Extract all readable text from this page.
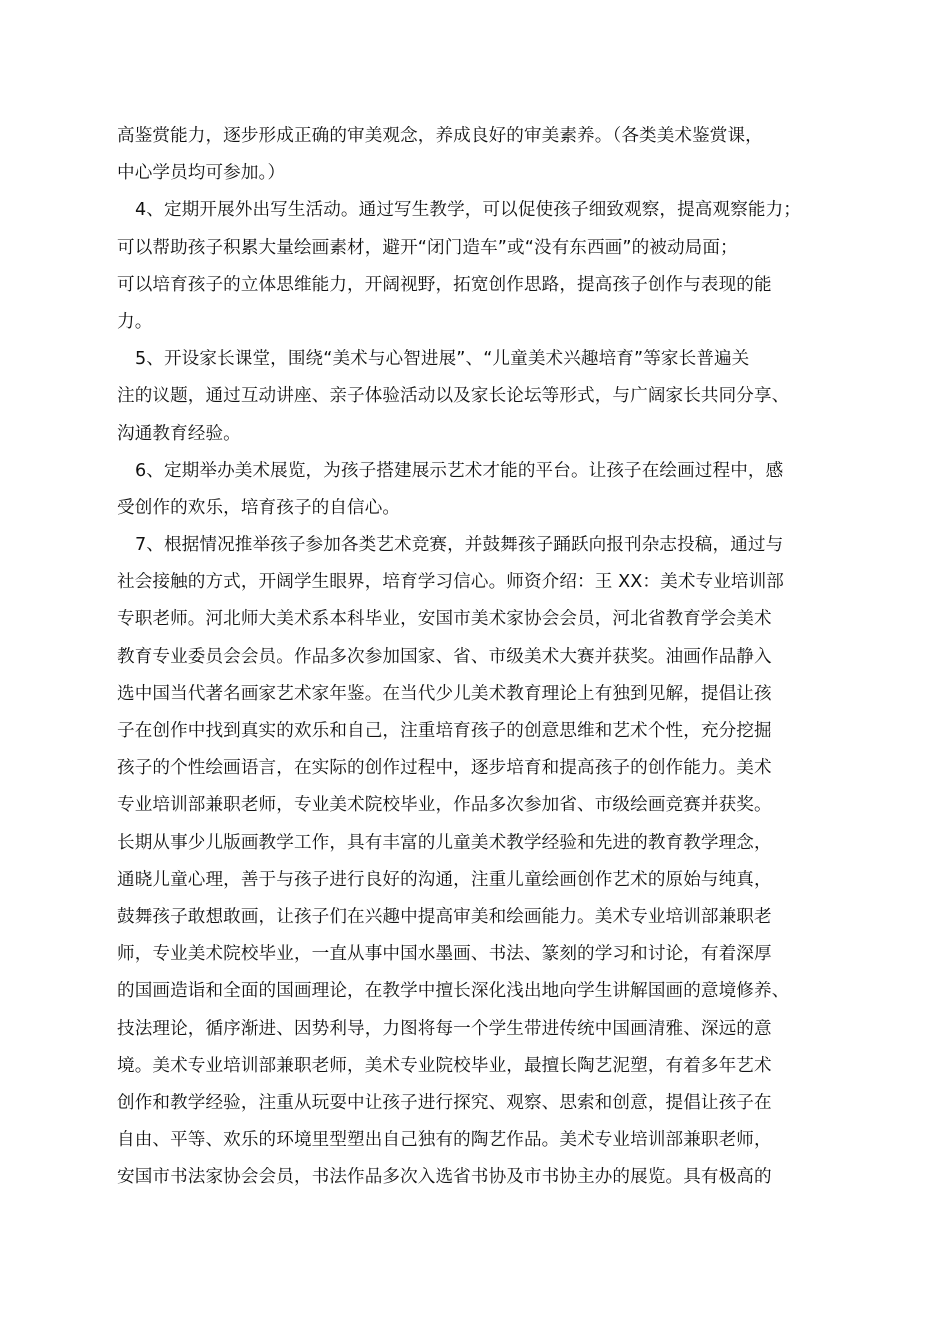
高鉴赏能力，逐步形成正确的审美观念，养成良好的审美素养。（各类美术鉴赏课，
中心学员均可参加。）
4、定期开展外出写生活动。通过写生教学，可以促使孩子细致观察，提高观察能力；
可以帮助孩子积累大量绘画素材，避开“闭门造车”或“没有东西画”的被动局面；
可以培育孩子的立体思维能力，开阔视野，拓宽创作思路，提高孩子创作与表现的能
力。
5、开设家长课堂，围绕“美术与心智进展”、“儿童美术兴趣培育”等家长普遍关
注的议题，通过互动讲座、亲子体验活动以及家长论坛等形式，与广阔家长共同分享、
沟通教育经验。
6、定期举办美术展览，为孩子搭建展示艺术才能的平台。让孩子在绘画过程中，感
受创作的欢乐，培育孩子的自信心。
7、根据情况推举孩子参加各类艺术竞赛，并鼓舞孩子踊跃向报刊杂志投稿，通过与
社会接触的方式，开阔学生眼界，培育学习信心。师资介绍：王 XX：美术专业培训部
专职老师。河北师大美术系本科毕业，安国市美术家协会会员，河北省教育学会美术
教育专业委员会会员。作品多次参加国家、省、市级美术大赛并获奖。油画作品静入
选中国当代著名画家艺术家年鉴。在当代少儿美术教育理论上有独到见解，提倡让孩
子在创作中找到真实的欢乐和自己，注重培育孩子的创意思维和艺术个性，充分挖掘
孩子的个性绘画语言，在实际的创作过程中，逐步培育和提高孩子的创作能力。美术
专业培训部兼职老师，专业美术院校毕业，作品多次参加省、市级绘画竞赛并获奖。
长期从事少儿版画教学工作，具有丰富的儿童美术教学经验和先进的教育教学理念，
通晓儿童心理，善于与孩子进行良好的沟通，注重儿童绘画创作艺术的原始与纯真，
鼓舞孩子敢想敢画，让孩子们在兴趣中提高审美和绘画能力。美术专业培训部兼职老
师，专业美术院校毕业，一直从事中国水墨画、书法、篆刻的学习和讨论，有着深厚
的国画造诣和全面的国画理论，在教学中擅长深化浅出地向学生讲解国画的意境修养、
技法理论，循序渐进、因势利导，力图将每一个学生带进传统中国画清雅、深远的意
境。美术专业培训部兼职老师，美术专业院校毕业，最擅长陶艺泥塑，有着多年艺术
创作和教学经验，注重从玩耍中让孩子进行探究、观察、思索和创意，提倡让孩子在
自由、平等、欢乐的环境里型塑出自己独有的陶艺作品。美术专业培训部兼职老师，
安国市书法家协会会员，书法作品多次入选省书协及市书协主办的展览。具有极高的
